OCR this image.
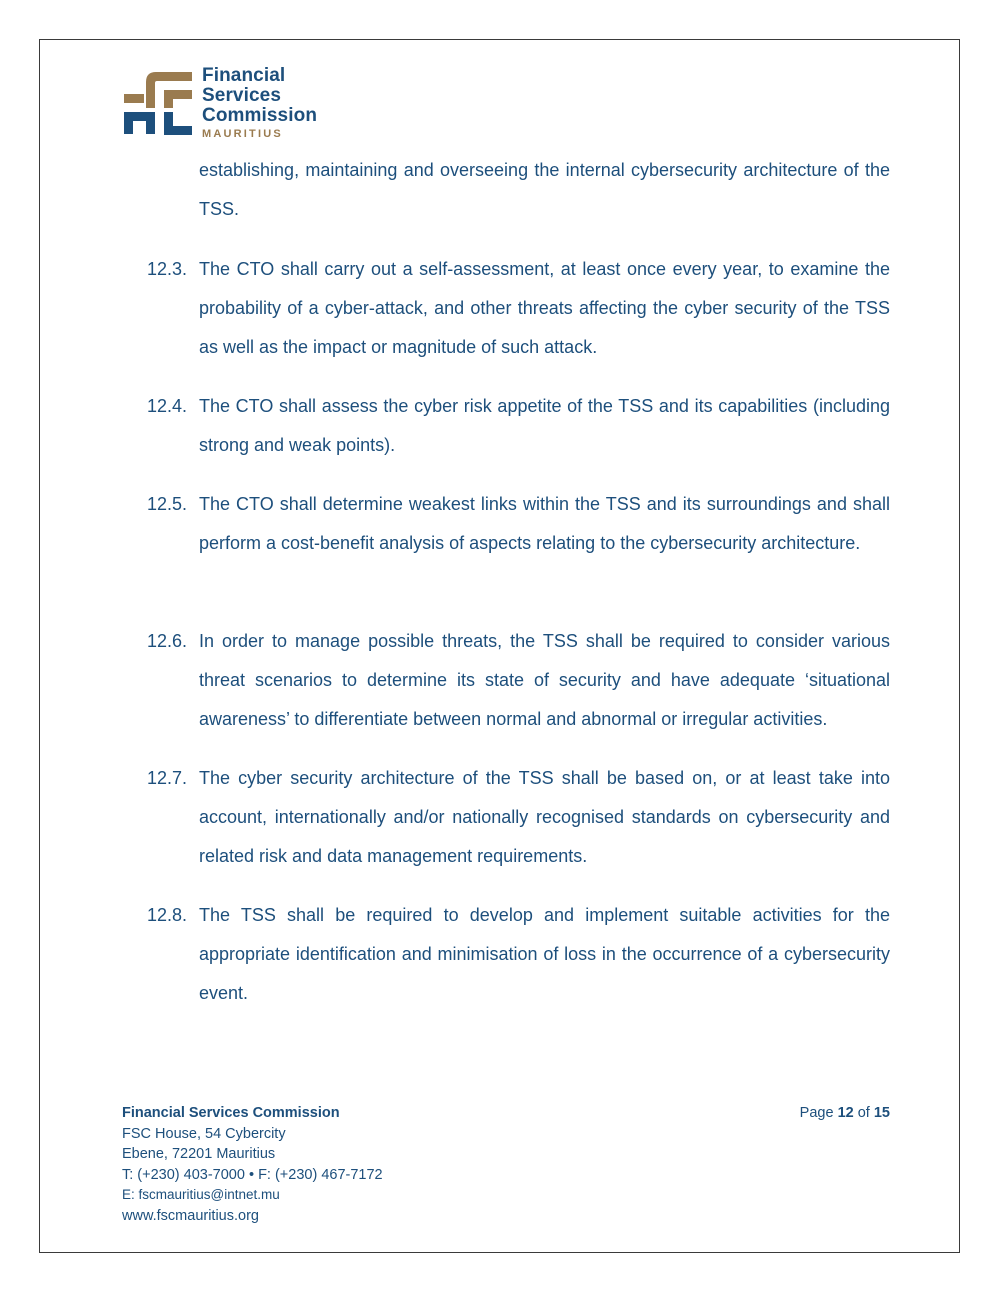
Financial
Services
Commission
MAURITIUS
establishing, maintaining and overseeing the internal cybersecurity architecture of the TSS.
12.3. The CTO shall carry out a self-assessment, at least once every year, to examine the probability of a cyber-attack, and other threats affecting the cyber security of the TSS as well as the impact or magnitude of such attack.
12.4. The CTO shall assess the cyber risk appetite of the TSS and its capabilities (including strong and weak points).
12.5. The CTO shall determine weakest links within the TSS and its surroundings and shall perform a cost-benefit analysis of aspects relating to the cybersecurity architecture.
12.6. In order to manage possible threats, the TSS shall be required to consider various threat scenarios to determine its state of security and have adequate ‘situational awareness’ to differentiate between normal and abnormal or irregular activities.
12.7. The cyber security architecture of the TSS shall be based on, or at least take into account, internationally and/or nationally recognised standards on cybersecurity and related risk and data management requirements.
12.8. The TSS shall be required to develop and implement suitable activities for the appropriate identification and minimisation of loss in the occurrence of a cybersecurity event.
Financial Services Commission
FSC House, 54 Cybercity
Ebene, 72201 Mauritius
T: (+230) 403-7000 • F: (+230) 467-7172
E: fscmauritius@intnet.mu
www.fscmauritius.org
Page 12 of 15
